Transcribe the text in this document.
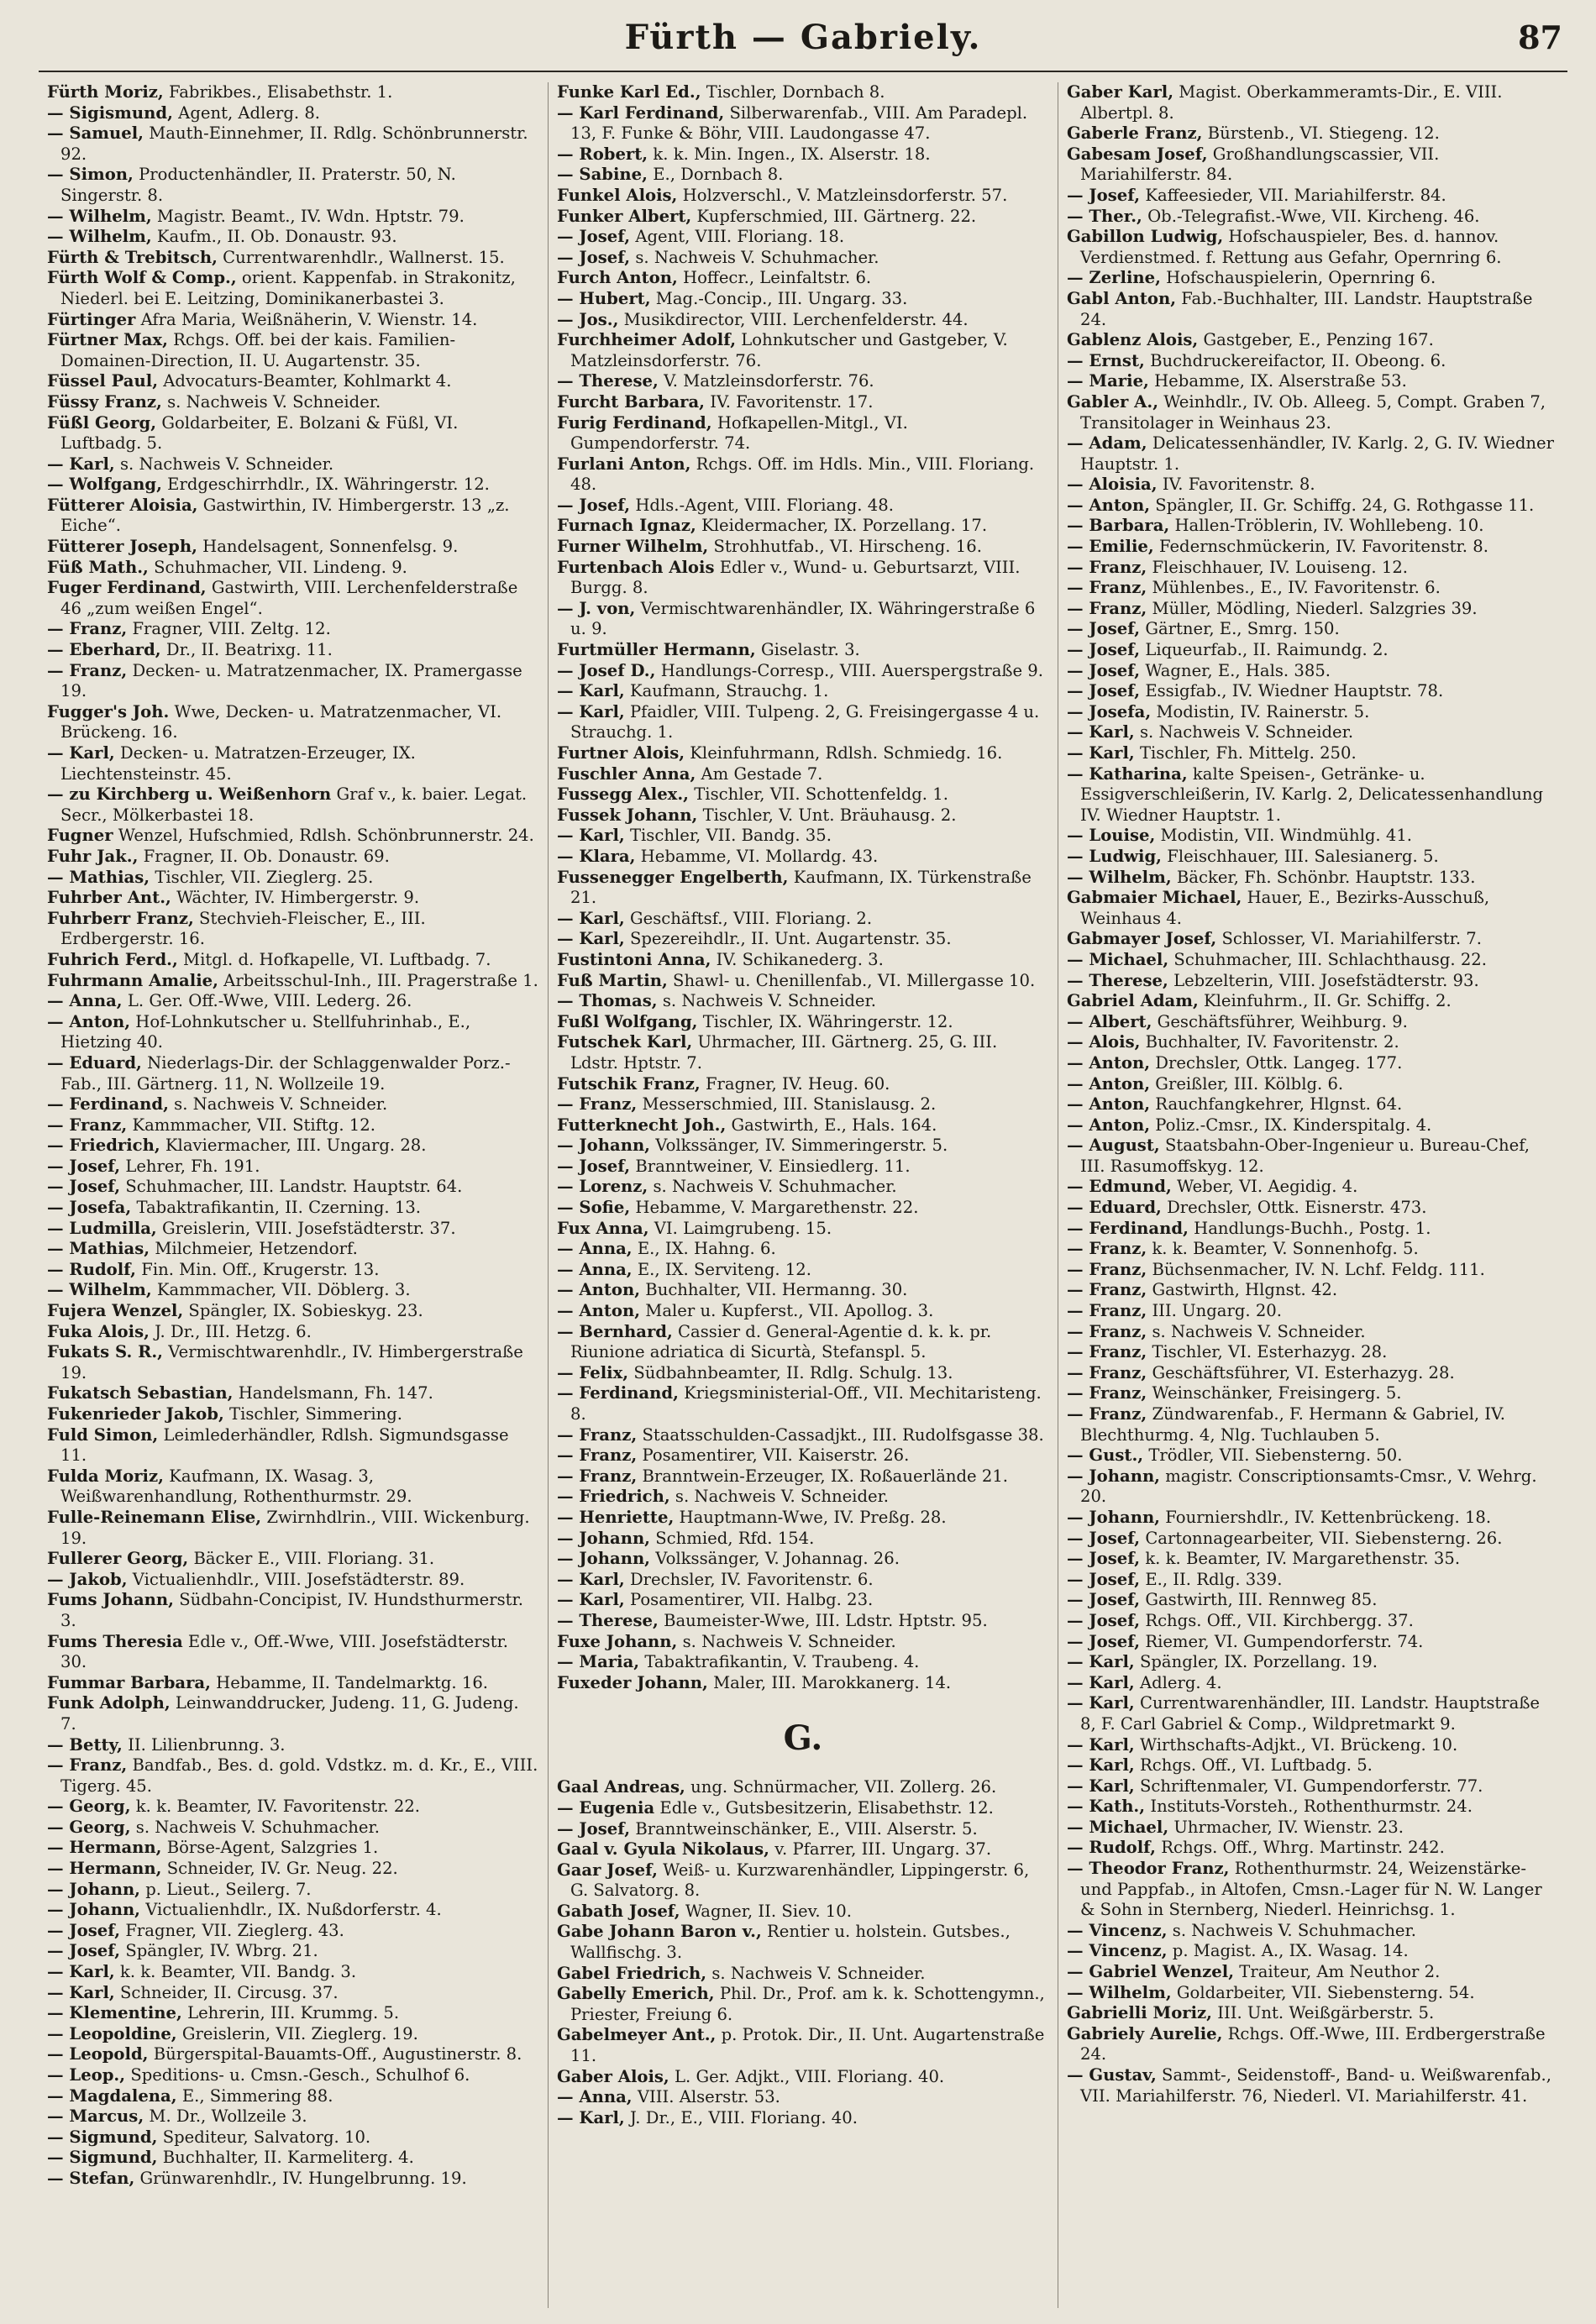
Fürth — Gabriely.	87
Fürth Moriz, Fabrikbes., Elisabethstr. 1.
— Sigismund, Agent, Adlerg. 8.
— Samuel, Mauth-Einnehmer, II. Rdlg. Schönbrunnerstr. 92.
— Simon, Productenhändler, II. Praterstr. 50, N. Singerstr. 8.
— Wilhelm, Magistr. Beamt., IV. Wdn. Hptstr. 79.
— Wilhelm, Kaufm., II. Ob. Donaustr. 93.
Fürth & Trebitsch, Currentwarenhdlr., Wallnerst. 15.
Fürth Wolf & Comp., orient. Kappenfab. in Strakonitz, Niederl. bei E. Leitzing, Dominikanerbastei 3.
Fürtinger Afra Maria, Weißnäherin, V. Wienstr. 14.
Fürtner Max, Rchgs. Off. bei der kais. Familien-Domainen-Direction, II. U. Augartenstr. 35.
Füssel Paul, Advocaturs-Beamter, Kohlmarkt 4.
Füssy Franz, s. Nachweis V. Schneider.
Füßl Georg, Goldarbeiter, E. Bolzani & Füßl, VI. Luftbadg. 5.
— Karl, s. Nachweis V. Schneider.
— Wolfgang, Erdgeschirrhdlr., IX. Währingerstr. 12.
Fütterer Aloisia, Gastwirthin, IV. Himbergerstr. 13 „z. Eiche“.
Fütterer Joseph, Handelsagent, Sonnenfelsg. 9.
Füß Math., Schuhmacher, VII. Lindeng. 9.
Fuger Ferdinand, Gastwirth, VIII. Lerchenfelderstraße 46 „zum weißen Engel“.
— Franz, Fragner, VIII. Zeltg. 12.
— Eberhard, Dr., II. Beatrixg. 11.
— Franz, Decken- u. Matratzenmacher, IX. Pramergasse 19.
Fugger's Joh. Wwe, Decken- u. Matratzenmacher, VI. Brückeng. 16.
— Karl, Decken- u. Matratzen-Erzeuger, IX. Liechtensteinstr. 45.
— zu Kirchberg u. Weißenhorn Graf v., k. baier. Legat. Secr., Mölkerbastei 18.
Fugner Wenzel, Hufschmied, Rdlsh. Schönbrunnerstr. 24.
Fuhr Jak., Fragner, II. Ob. Donaustr. 69.
— Mathias, Tischler, VII. Zieglerg. 25.
Fuhrber Ant., Wächter, IV. Himbergerstr. 9.
Fuhrberr Franz, Stechvieh-Fleischer, E., III. Erdbergerstr. 16.
Fuhrich Ferd., Mitgl. d. Hofkapelle, VI. Luftbadg. 7.
Fuhrmann Amalie, Arbeitsschul-Inh., III. Pragerstraße 1.
— Anna, L. Ger. Off.-Wwe, VIII. Lederg. 26.
— Anton, Hof-Lohnkutscher u. Stellfuhrinhab., E., Hietzing 40.
— Eduard, Niederlags-Dir. der Schlaggenwalder Porz.-Fab., III. Gärtnerg. 11, N. Wollzeile 19.
— Ferdinand, s. Nachweis V. Schneider.
— Franz, Kammmacher, VII. Stiftg. 12.
— Friedrich, Klaviermacher, III. Ungarg. 28.
— Josef, Lehrer, Fh. 191.
— Josef, Schuhmacher, III. Landstr. Hauptstr. 64.
— Josefa, Tabaktrafikantin, II. Czerning. 13.
— Ludmilla, Greislerin, VIII. Josefstädterstr. 37.
— Mathias, Milchmeier, Hetzendorf.
— Rudolf, Fin. Min. Off., Krugerstr. 13.
— Wilhelm, Kammmacher, VII. Döblerg. 3.
Fujera Wenzel, Spängler, IX. Sobieskyg. 23.
Fuka Alois, J. Dr., III. Hetzg. 6.
Fukats S. R., Vermischtwarenhdlr., IV. Himbergerstraße 19.
Fukatsch Sebastian, Handelsmann, Fh. 147.
Fukenrieder Jakob, Tischler, Simmering.
Fuld Simon, Leimlederhändler, Rdlsh. Sigmundsgasse 11.
Fulda Moriz, Kaufmann, IX. Wasag. 3, Weißwarenhandlung, Rothenthurmstr. 29.
Fulle-Reinemann Elise, Zwirnhdlrin., VIII. Wickenburg. 19.
Fullerer Georg, Bäcker E., VIII. Floriang. 31.
— Jakob, Victualienhdlr., VIII. Josefstädterstr. 89.
Fums Johann, Südbahn-Concipist, IV. Hundsthurmerstr. 3.
Fums Theresia Edle v., Off.-Wwe, VIII. Josefstädterstr. 30.
Fummar Barbara, Hebamme, II. Tandelmarktg. 16.
Funk Adolph, Leinwanddrucker, Judeng. 11, G. Judeng. 7.
— Betty, II. Lilienbrunng. 3.
— Franz, Bandfab., Bes. d. gold. Vdstkz. m. d. Kr., E., VIII. Tigerg. 45.
— Georg, k. k. Beamter, IV. Favoritenstr. 22.
— Georg, s. Nachweis V. Schuhmacher.
— Hermann, Börse-Agent, Salzgries 1.
— Hermann, Schneider, IV. Gr. Neug. 22.
— Johann, p. Lieut., Seilerg. 7.
— Johann, Victualienhdlr., IX. Nußdorferstr. 4.
— Josef, Fragner, VII. Zieglerg. 43.
— Josef, Spängler, IV. Wbrg. 21.
— Karl, k. k. Beamter, VII. Bandg. 3.
— Karl, Schneider, II. Circusg. 37.
— Klementine, Lehrerin, III. Krummg. 5.
— Leopoldine, Greislerin, VII. Zieglerg. 19.
— Leopold, Bürgerspital-Bauamts-Off., Augustinerstr. 8.
— Leop., Speditions- u. Cmsn.-Gesch., Schulhof 6.
— Magdalena, E., Simmering 88.
— Marcus, M. Dr., Wollzeile 3.
— Sigmund, Spediteur, Salvatorg. 10.
— Sigmund, Buchhalter, II. Karmeliterg. 4.
— Stefan, Grünwarenhdlr., IV. Hungelbrunng. 19.
Funke Karl Ed., Tischler, Dornbach 8.
— Karl Ferdinand, Silberwarenfab., VIII. Am Paradepl. 13, F. Funke & Böhr, VIII. Laudongasse 47.
— Robert, k. k. Min. Ingen., IX. Alserstr. 18.
— Sabine, E., Dornbach 8.
Funkel Alois, Holzverschl., V. Matzleinsdorferstr. 57.
Funker Albert, Kupferschmied, III. Gärtnerg. 22.
— Josef, Agent, VIII. Floriang. 18.
— Josef, s. Nachweis V. Schuhmacher.
Furch Anton, Hoffecr., Leinfaltstr. 6.
— Hubert, Mag.-Concip., III. Ungarg. 33.
— Jos., Musikdirector, VIII. Lerchenfelderstr. 44.
Furchheimer Adolf, Lohnkutscher und Gastgeber, V. Matzleinsdorferstr. 76.
— Therese, V. Matzleinsdorferstr. 76.
Furcht Barbara, IV. Favoritenstr. 17.
Furig Ferdinand, Hofkapellen-Mitgl., VI. Gumpendorferstr. 74.
Furlani Anton, Rchgs. Off. im Hdls. Min., VIII. Floriang. 48.
— Josef, Hdls.-Agent, VIII. Floriang. 48.
Furnach Ignaz, Kleidermacher, IX. Porzellang. 17.
Furner Wilhelm, Strohhutfab., VI. Hirscheng. 16.
Furtenbach Alois Edler v., Wund- u. Geburtsarzt, VIII. Burgg. 8.
— J. von, Vermischtwarenhändler, IX. Währingerstraße 6 u. 9.
Furtmüller Hermann, Giselastr. 3.
— Josef D., Handlungs-Corresp., VIII. Auerspergstraße 9.
— Karl, Kaufmann, Strauchg. 1.
— Karl, Pfaidler, VIII. Tulpeng. 2, G. Freisingergasse 4 u. Strauchg. 1.
Furtner Alois, Kleinfuhrmann, Rdlsh. Schmiedg. 16.
Fuschler Anna, Am Gestade 7.
Fussegg Alex., Tischler, VII. Schottenfeldg. 1.
Fussek Johann, Tischler, V. Unt. Bräuhausg. 2.
— Karl, Tischler, VII. Bandg. 35.
— Klara, Hebamme, VI. Mollardg. 43.
Fussenegger Engelberth, Kaufmann, IX. Türkenstraße 21.
— Karl, Geschäftsf., VIII. Floriang. 2.
— Karl, Spezereihdlr., II. Unt. Augartenstr. 35.
Fustintoni Anna, IV. Schikanederg. 3.
Fuß Martin, Shawl- u. Chenillenfab., VI. Millergasse 10.
— Thomas, s. Nachweis V. Schneider.
Fußl Wolfgang, Tischler, IX. Währingerstr. 12.
Futschek Karl, Uhrmacher, III. Gärtnerg. 25, G. III. Ldstr. Hptstr. 7.
Futschik Franz, Fragner, IV. Heug. 60.
— Franz, Messerschmied, III. Stanislausg. 2.
Futterknecht Joh., Gastwirth, E., Hals. 164.
— Johann, Volkssänger, IV. Simmeringerstr. 5.
— Josef, Branntweiner, V. Einsiedlerg. 11.
— Lorenz, s. Nachweis V. Schuhmacher.
— Sofie, Hebamme, V. Margarethenstr. 22.
Fux Anna, VI. Laimgrubeng. 15.
— Anna, E., IX. Hahng. 6.
— Anna, E., IX. Serviteng. 12.
— Anton, Buchhalter, VII. Hermanng. 30.
— Anton, Maler u. Kupferst., VII. Apollog. 3.
— Bernhard, Cassier d. General-Agentie d. k. k. pr. Riunione adriatica di Sicurtà, Stefanspl. 5.
— Felix, Südbahnbeamter, II. Rdlg. Schulg. 13.
— Ferdinand, Kriegsministerial-Off., VII. Mechitaristeng. 8.
— Franz, Staatsschulden-Cassadjkt., III. Rudolfsgasse 38.
— Franz, Posamentirer, VII. Kaiserstr. 26.
— Franz, Branntwein-Erzeuger, IX. Roßauerlände 21.
— Friedrich, s. Nachweis V. Schneider.
— Henriette, Hauptmann-Wwe, IV. Preßg. 28.
— Johann, Schmied, Rfd. 154.
— Johann, Volkssänger, V. Johannag. 26.
— Karl, Drechsler, IV. Favoritenstr. 6.
— Karl, Posamentirer, VII. Halbg. 23.
— Therese, Baumeister-Wwe, III. Ldstr. Hptstr. 95.
Fuxe Johann, s. Nachweis V. Schneider.
— Maria, Tabaktrafikantin, V. Traubeng. 4.
Fuxeder Johann, Maler, III. Marokkanerg. 14.
G.
Gaal Andreas, ung. Schnürmacher, VII. Zollerg. 26.
— Eugenia Edle v., Gutsbesitzerin, Elisabethstr. 12.
— Josef, Branntweinschänker, E., VIII. Alserstr. 5.
Gaal v. Gyula Nikolaus, v. Pfarrer, III. Ungarg. 37.
Gaar Josef, Weiß- u. Kurzwarenhändler, Lippingerstr. 6, G. Salvatorg. 8.
Gabath Josef, Wagner, II. Siev. 10.
Gabe Johann Baron v., Rentier u. holstein. Gutsbes., Wallfischg. 3.
Gabel Friedrich, s. Nachweis V. Schneider.
Gabelly Emerich, Phil. Dr., Prof. am k. k. Schottengymn., Priester, Freiung 6.
Gabelmeyer Ant., p. Protok. Dir., II. Unt. Augartenstraße 11.
Gaber Alois, L. Ger. Adjkt., VIII. Floriang. 40.
— Anna, VIII. Alserstr. 53.
— Karl, J. Dr., E., VIII. Floriang. 40.
Gaber Karl, Magist. Oberkammeramts-Dir., E. VIII. Albertpl. 8.
Gaberle Franz, Bürstenb., VI. Stiegeng. 12.
Gabesam Josef, Großhandlungscassier, VII. Mariahilferstr. 84.
— Josef, Kaffeesieder, VII. Mariahilferstr. 84.
— Ther., Ob.-Telegrafist.-Wwe, VII. Kircheng. 46.
Gabillon Ludwig, Hofschauspieler, Bes. d. hannov. Verdienstmed. f. Rettung aus Gefahr, Opernring 6.
— Zerline, Hofschauspielerin, Opernring 6.
Gabl Anton, Fab.-Buchhalter, III. Landstr. Hauptstraße 24.
Gablenz Alois, Gastgeber, E., Penzing 167.
— Ernst, Buchdruckereifactor, II. Obeong. 6.
— Marie, Hebamme, IX. Alserstraße 53.
Gabler A., Weinhdlr., IV. Ob. Alleeg. 5, Compt. Graben 7, Transitolager in Weinhaus 23.
— Adam, Delicatessenhändler, IV. Karlg. 2, G. IV. Wiedner Hauptstr. 1.
— Aloisia, IV. Favoritenstr. 8.
— Anton, Spängler, II. Gr. Schiffg. 24, G. Rothgasse 11.
— Barbara, Hallen-Tröblerin, IV. Wohllebeng. 10.
— Emilie, Federnschmückerin, IV. Favoritenstr. 8.
— Franz, Fleischhauer, IV. Louiseng. 12.
— Franz, Mühlenbes., E., IV. Favoritenstr. 6.
— Franz, Müller, Mödling, Niederl. Salzgries 39.
— Josef, Gärtner, E., Smrg. 150.
— Josef, Liqueurfab., II. Raimundg. 2.
— Josef, Wagner, E., Hals. 385.
— Josef, Essigfab., IV. Wiedner Hauptstr. 78.
— Josefa, Modistin, IV. Rainerstr. 5.
— Karl, s. Nachweis V. Schneider.
— Karl, Tischler, Fh. Mittelg. 250.
— Katharina, kalte Speisen-, Getränke- u. Essigverschleißerin, IV. Karlg. 2, Delicatessenhandlung IV. Wiedner Hauptstr. 1.
— Louise, Modistin, VII. Windmühlg. 41.
— Ludwig, Fleischhauer, III. Salesianerg. 5.
— Wilhelm, Bäcker, Fh. Schönbr. Hauptstr. 133.
Gabmaier Michael, Hauer, E., Bezirks-Ausschuß, Weinhaus 4.
Gabmayer Josef, Schlosser, VI. Mariahilferstr. 7.
— Michael, Schuhmacher, III. Schlachthausg. 22.
— Therese, Lebzelterin, VIII. Josefstädterstr. 93.
Gabriel Adam, Kleinfuhrm., II. Gr. Schiffg. 2.
— Albert, Geschäftsführer, Weihburg. 9.
— Alois, Buchhalter, IV. Favoritenstr. 2.
— Anton, Drechsler, Ottk. Langeg. 177.
— Anton, Greißler, III. Kölblg. 6.
— Anton, Rauchfangkehrer, Hlgnst. 64.
— Anton, Poliz.-Cmsr., IX. Kinderspitalg. 4.
— August, Staatsbahn-Ober-Ingenieur u. Bureau-Chef, III. Rasumoffskyg. 12.
— Edmund, Weber, VI. Aegidig. 4.
— Eduard, Drechsler, Ottk. Eisnerstr. 473.
— Ferdinand, Handlungs-Buchh., Postg. 1.
— Franz, k. k. Beamter, V. Sonnenhofg. 5.
— Franz, Büchsenmacher, IV. N. Lchf. Feldg. 111.
— Franz, Gastwirth, Hlgnst. 42.
— Franz, III. Ungarg. 20.
— Franz, s. Nachweis V. Schneider.
— Franz, Tischler, VI. Esterhazyg. 28.
— Franz, Geschäftsführer, VI. Esterhazyg. 28.
— Franz, Weinschänker, Freisingerg. 5.
— Franz, Zündwarenfab., F. Hermann & Gabriel, IV. Blechthurmg. 4, Nlg. Tuchlauben 5.
— Gust., Trödler, VII. Siebensterng. 50.
— Johann, magistr. Conscriptionsamts-Cmsr., V. Wehrg. 20.
— Johann, Fourniershdlr., IV. Kettenbrückeng. 18.
— Josef, Cartonnagearbeiter, VII. Siebensterng. 26.
— Josef, k. k. Beamter, IV. Margarethenstr. 35.
— Josef, E., II. Rdlg. 339.
— Josef, Gastwirth, III. Rennweg 85.
— Josef, Rchgs. Off., VII. Kirchbergg. 37.
— Josef, Riemer, VI. Gumpendorferstr. 74.
— Karl, Spängler, IX. Porzellang. 19.
— Karl, Adlerg. 4.
— Karl, Currentwarenhändler, III. Landstr. Hauptstraße 8, F. Carl Gabriel & Comp., Wildpretmarkt 9.
— Karl, Wirthschafts-Adjkt., VI. Brückeng. 10.
— Karl, Rchgs. Off., VI. Luftbadg. 5.
— Karl, Schriftenmaler, VI. Gumpendorferstr. 77.
— Kath., Instituts-Vorsteh., Rothenthurmstr. 24.
— Michael, Uhrmacher, IV. Wienstr. 23.
— Rudolf, Rchgs. Off., Whrg. Martinstr. 242.
— Theodor Franz, Rothenthurmstr. 24, Weizenstärke- und Pappfab., in Altofen, Cmsn.-Lager für N. W. Langer & Sohn in Sternberg, Niederl. Heinrichsg. 1.
— Vincenz, s. Nachweis V. Schuhmacher.
— Vincenz, p. Magist. A., IX. Wasag. 14.
— Gabriel Wenzel, Traiteur, Am Neuthor 2.
— Wilhelm, Goldarbeiter, VII. Siebensterng. 54.
Gabrielli Moriz, III. Unt. Weißgärberstr. 5.
Gabriely Aurelie, Rchgs. Off.-Wwe, III. Erdbergerstraße 24.
— Gustav, Sammt-, Seidenstoff-, Band- u. Weißwarenfab., VII. Mariahilferstr. 76, Niederl. VI. Mariahilferstr. 41.
